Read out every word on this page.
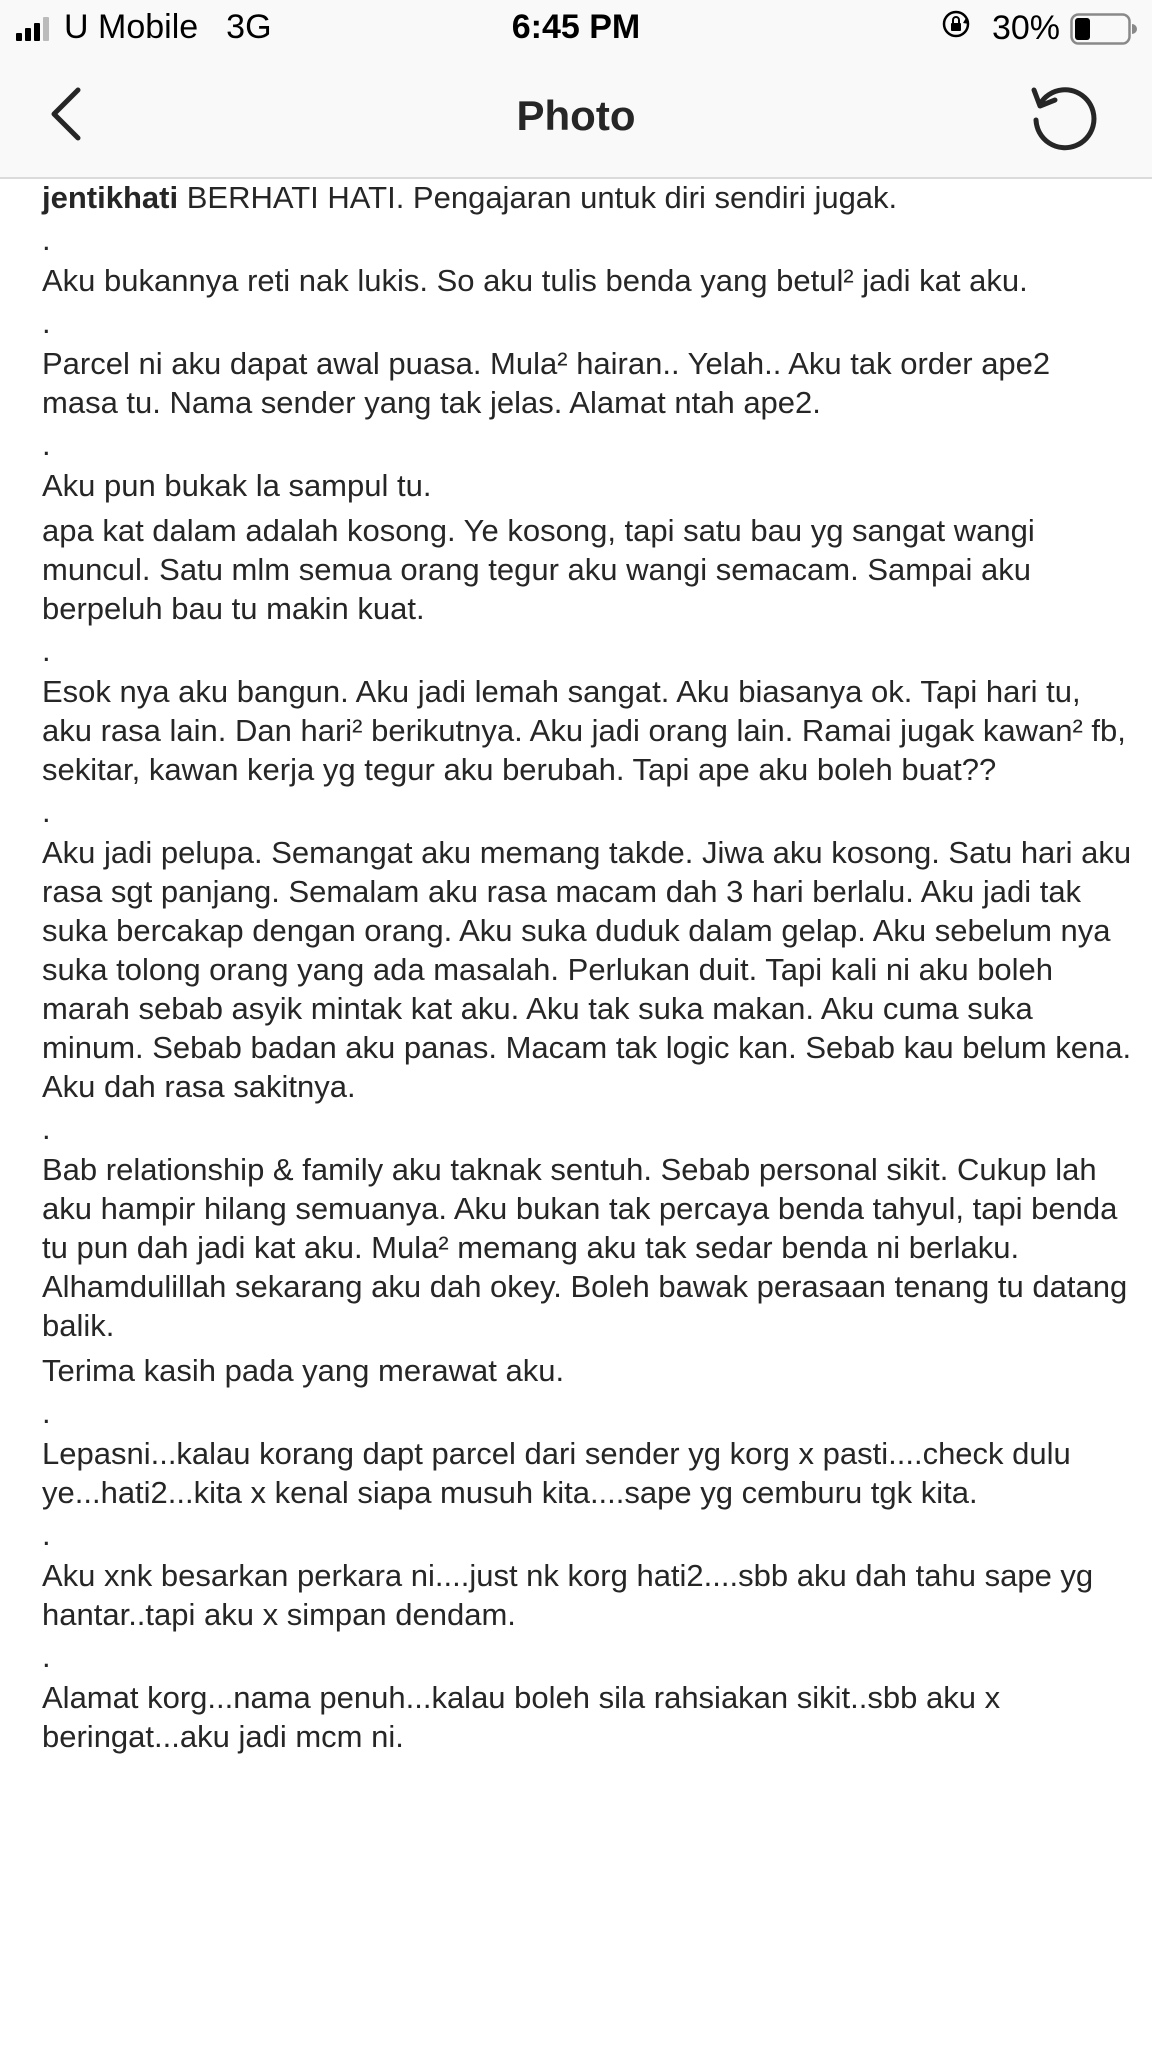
U Mobile 3G	6:45 PM	30%
Photo

jentikhati BERHATI HATI. Pengajaran untuk diri sendiri jugak.

.

Aku bukannya reti nak lukis. So aku tulis benda yang betul² jadi kat aku.

.

Parcel ni aku dapat awal puasa. Mula² hairan.. Yelah.. Aku tak order ape2 masa tu. Nama sender yang tak jelas. Alamat ntah ape2.

.

Aku pun bukak la sampul tu.

apa kat dalam adalah kosong. Ye kosong, tapi satu bau yg sangat wangi muncul. Satu mlm semua orang tegur aku wangi semacam. Sampai aku berpeluh bau tu makin kuat.

.

Esok nya aku bangun. Aku jadi lemah sangat. Aku biasanya ok. Tapi hari tu, aku rasa lain. Dan hari² berikutnya. Aku jadi orang lain. Ramai jugak kawan² fb, sekitar, kawan kerja yg tegur aku berubah. Tapi ape aku boleh buat??

.

Aku jadi pelupa. Semangat aku memang takde. Jiwa aku kosong. Satu hari aku rasa sgt panjang. Semalam aku rasa macam dah 3 hari berlalu. Aku jadi tak suka bercakap dengan orang. Aku suka duduk dalam gelap. Aku sebelum nya suka tolong orang yang ada masalah. Perlukan duit. Tapi kali ni aku boleh marah sebab asyik mintak kat aku. Aku tak suka makan. Aku cuma suka minum. Sebab badan aku panas. Macam tak logic kan. Sebab kau belum kena. Aku dah rasa sakitnya.

.

Bab relationship & family aku taknak sentuh. Sebab personal sikit. Cukup lah aku hampir hilang semuanya. Aku bukan tak percaya benda tahyul, tapi benda tu pun dah jadi kat aku. Mula² memang aku tak sedar benda ni berlaku. Alhamdulillah sekarang aku dah okey. Boleh bawak perasaan tenang tu datang balik.

Terima kasih pada yang merawat aku.

.

Lepasni...kalau korang dapt parcel dari sender yg korg x pasti....check dulu ye...hati2...kita x kenal siapa musuh kita....sape yg cemburu tgk kita.

.

Aku xnk besarkan perkara ni....just nk korg hati2....sbb aku dah tahu sape yg hantar..tapi aku x simpan dendam.

.

Alamat korg...nama penuh...kalau boleh sila rahsiakan sikit..sbb aku x beringat...aku jadi mcm ni.
